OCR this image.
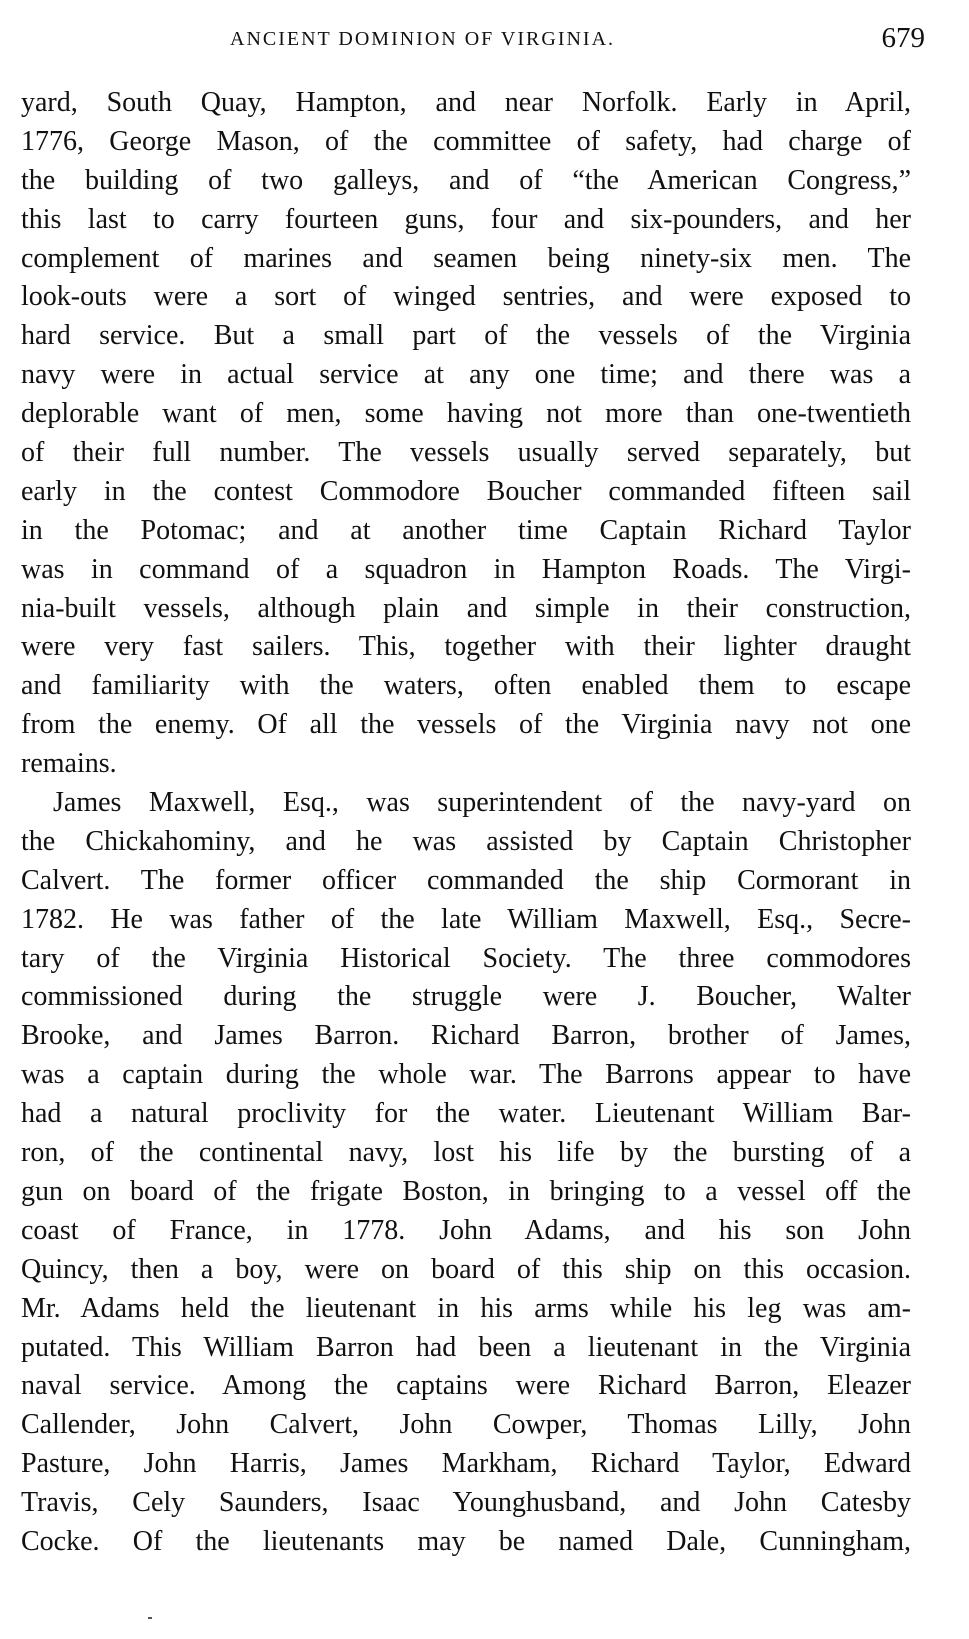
ANCIENT DOMINION OF VIRGINIA.	679
yard, South Quay, Hampton, and near Norfolk. Early in April,
1776, George Mason, of the committee of safety, had charge of
the building of two galleys, and of “the American Congress,”
this last to carry fourteen guns, four and six-pounders, and her
complement of marines and seamen being ninety-six men. The
look-outs were a sort of winged sentries, and were exposed to
hard service. But a small part of the vessels of the Virginia
navy were in actual service at any one time; and there was a
deplorable want of men, some having not more than one-twentieth
of their full number. The vessels usually served separately, but
early in the contest Commodore Boucher commanded fifteen sail
in the Potomac; and at another time Captain Richard Taylor
was in command of a squadron in Hampton Roads. The Virgi-
nia-built vessels, although plain and simple in their construction,
were very fast sailers. This, together with their lighter draught
and familiarity with the waters, often enabled them to escape
from the enemy. Of all the vessels of the Virginia navy not one
remains.
James Maxwell, Esq., was superintendent of the navy-yard on
the Chickahominy, and he was assisted by Captain Christopher
Calvert. The former officer commanded the ship Cormorant in
1782. He was father of the late William Maxwell, Esq., Secre-
tary of the Virginia Historical Society. The three commodores
commissioned during the struggle were J. Boucher, Walter
Brooke, and James Barron. Richard Barron, brother of James,
was a captain during the whole war. The Barrons appear to have
had a natural proclivity for the water. Lieutenant William Bar-
ron, of the continental navy, lost his life by the bursting of a
gun on board of the frigate Boston, in bringing to a vessel off the
coast of France, in 1778. John Adams, and his son John
Quincy, then a boy, were on board of this ship on this occasion.
Mr. Adams held the lieutenant in his arms while his leg was am-
putated. This William Barron had been a lieutenant in the Virginia
naval service. Among the captains were Richard Barron, Eleazer
Callender, John Calvert, John Cowper, Thomas Lilly, John
Pasture, John Harris, James Markham, Richard Taylor, Edward
Travis, Cely Saunders, Isaac Younghusband, and John Catesby
Cocke. Of the lieutenants may be named Dale, Cunningham,
